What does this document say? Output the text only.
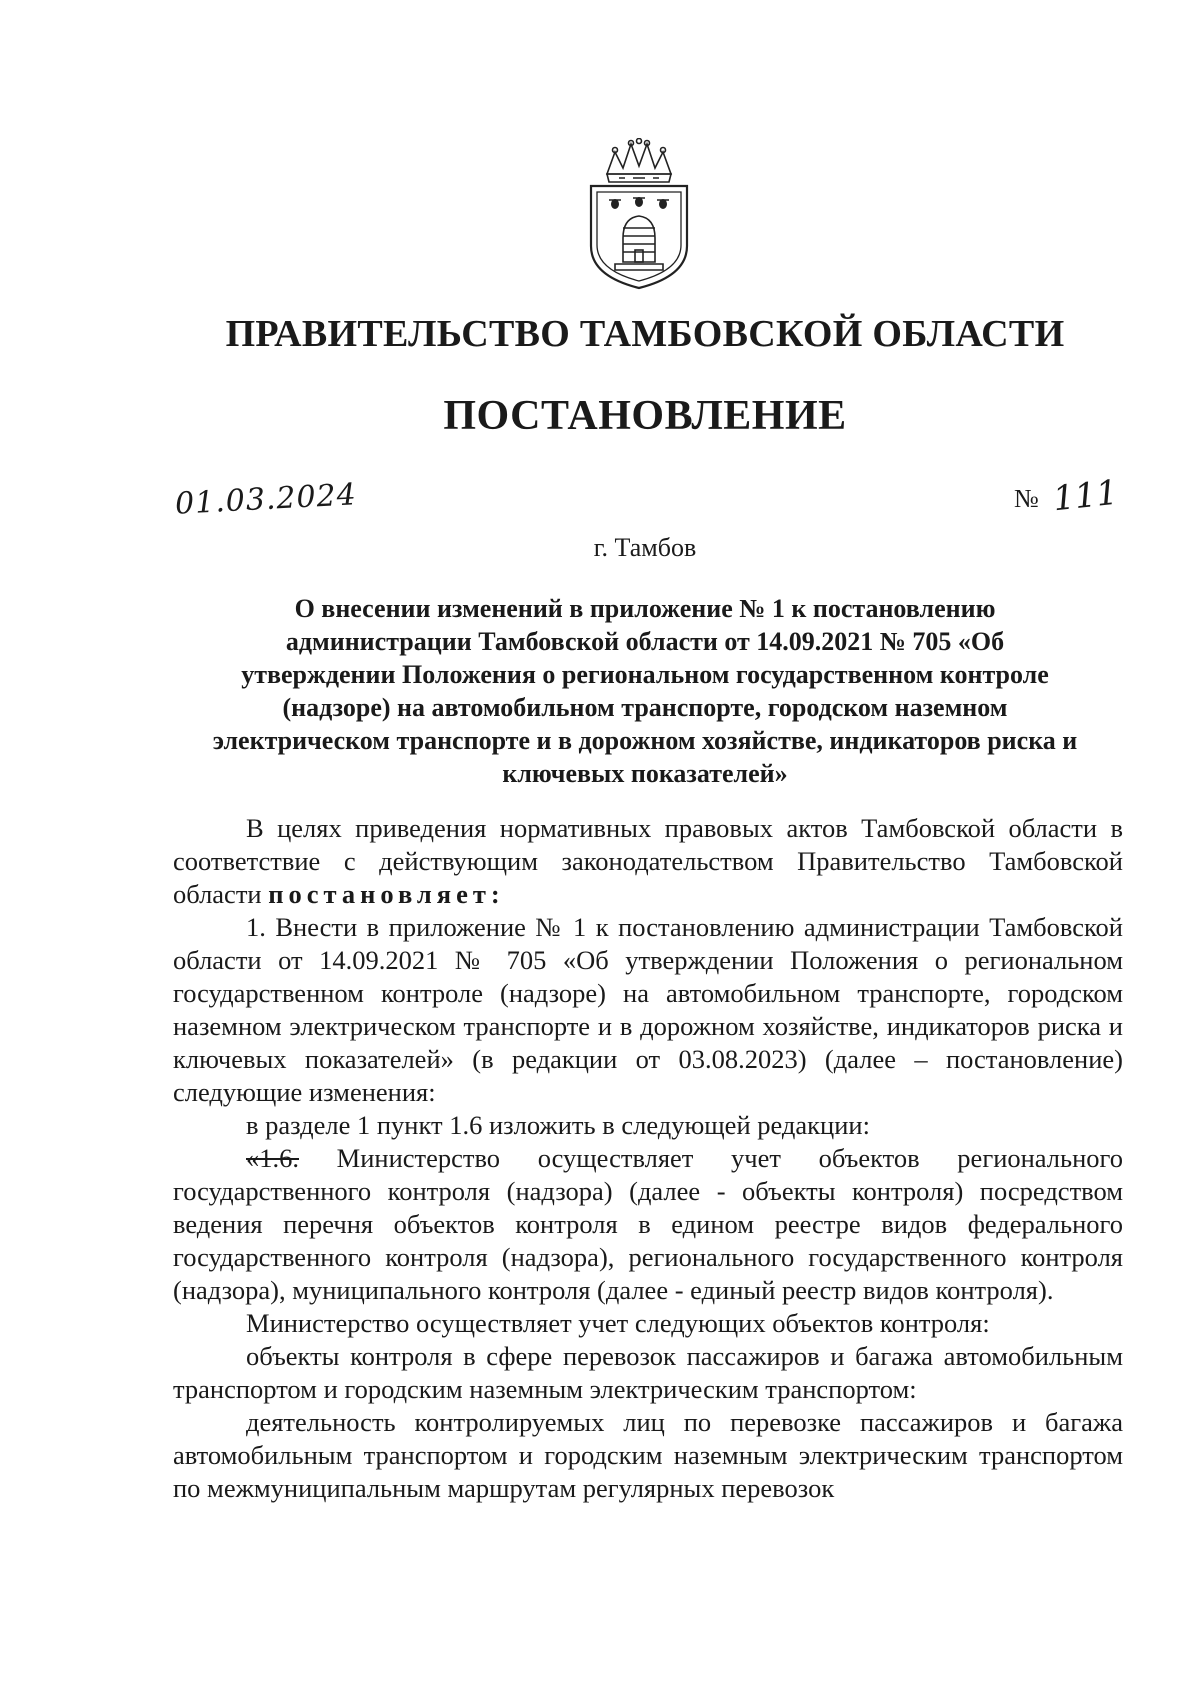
ПРАВИТЕЛЬСТВО ТАМБОВСКОЙ ОБЛАСТИ
ПОСТАНОВЛЕНИЕ
01.03.2024	№ 111
г. Тамбов
О внесении изменений в приложение № 1 к постановлению
администрации Тамбовской области от 14.09.2021 № 705 «Об
утверждении Положения о региональном государственном контроле
(надзоре) на автомобильном транспорте, городском наземном
электрическом транспорте и в дорожном хозяйстве, индикаторов риска и
ключевых показателей»

В целях приведения нормативных правовых актов Тамбовской области в соответствие с действующим законодательством Правительство Тамбовской области постановляет:

1. Внести в приложение № 1 к постановлению администрации Тамбовской области от 14.09.2021 № 705 «Об утверждении Положения о региональном государственном контроле (надзоре) на автомобильном транспорте, городском наземном электрическом транспорте и в дорожном хозяйстве, индикаторов риска и ключевых показателей» (в редакции от 03.08.2023) (далее – постановление) следующие изменения:

в разделе 1 пункт 1.6 изложить в следующей редакции:

«1.6. Министерство осуществляет учет объектов регионального государственного контроля (надзора) (далее - объекты контроля) посредством ведения перечня объектов контроля в едином реестре видов федерального государственного контроля (надзора), регионального государственного контроля (надзора), муниципального контроля (далее - единый реестр видов контроля).

Министерство осуществляет учет следующих объектов контроля:

объекты контроля в сфере перевозок пассажиров и багажа автомобильным транспортом и городским наземным электрическим транспортом:

деятельность контролируемых лиц по перевозке пассажиров и багажа автомобильным транспортом и городским наземным электрическим транспортом по межмуниципальным маршрутам регулярных перевозок
